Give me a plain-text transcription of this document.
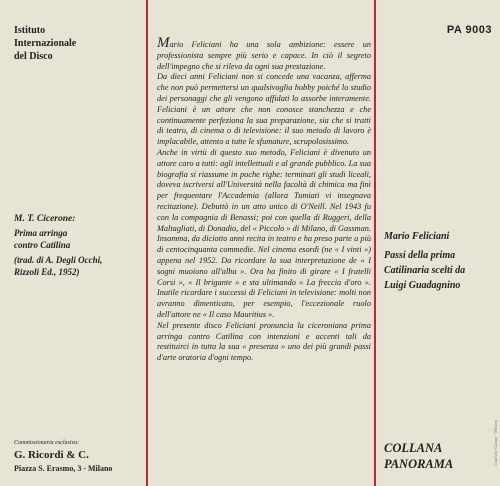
Istituto
Internazionale
del Disco
M. T. Cicerone:
Prima arringa
contro Catilina
(trad. di A. Degli Occhi,
Rizzoli Ed., 1952)
Commissionaria esclusiva:
G. Ricordi & C.
Piazza S. Erasmo, 3 - Milano

Mario Feliciani ha una sola ambizione: essere un professionista sempre più serio e capace. In ciò il segreto dell'impegno che si rileva da ogni sua prestazione.

Da dieci anni Feliciani non si concede una vacanza, afferma che non può permettersi un qualsivoglia hobby poiché lo studio dei personaggi che gli vengono affidati lo assorbe interamente. Feliciani è un attore che non conosce stanchezza e che continuamente perfeziona la sua preparazione, sia che si tratti di teatro, di cinema o di televisione: il suo metodo di lavoro è implacabile, attento a tutte le sfumature, scrupolosissimo.

Anche in virtù di questo suo metodo, Feliciani è divenuto un attore caro a tutti: agli intellettuali e al grande pubblico. La sua biografia si riassume in poche righe: terminati gli studi liceali, doveva iscriversi all'Università nella facoltà di chimica ma finì per frequentare l'Accademia (allora Tumiati vi insegnava recitazione). Debuttò in un atto unico di O'Neill. Nel 1943 fu con la compagnia di Benassi; poi con quella di Ruggeri, della Maltagliati, di Donadio, del « Piccolo » di Milano, di Gassman. Insomma, da diciotto anni recita in teatro e ha preso parte a più di centocinquanta commedie. Nel cinema esordì (ne « I vinti ») appena nel 1952. Da ricordare la sua interpretazione de « I sogni muoiono all'alba ». Ora ha finito di girare « I fratelli Corsi », « Il brigante » e sta ultimando « La freccia d'oro ». Inutile ricordare i successi di Feliciani in televisione: molti non avranno dimenticato, per esempio, l'eccezionale ruolo dell'attore ne « Il caso Mauritius ».

Nel presente disco Feliciani pronuncia la ciceroniana prima arringa contro Catilina con intenzioni e accenti tali da restituirci in tutta la sua « presenza » uno dei più grandi passi d'arte oratoria d'ogni tempo.

PA 9003
Mario Feliciani
Passi della prima
Catilinaria scelti da
Luigi Guadagnino
COLLANA
PANORAMA	Grafiche Gaiani - Milano
